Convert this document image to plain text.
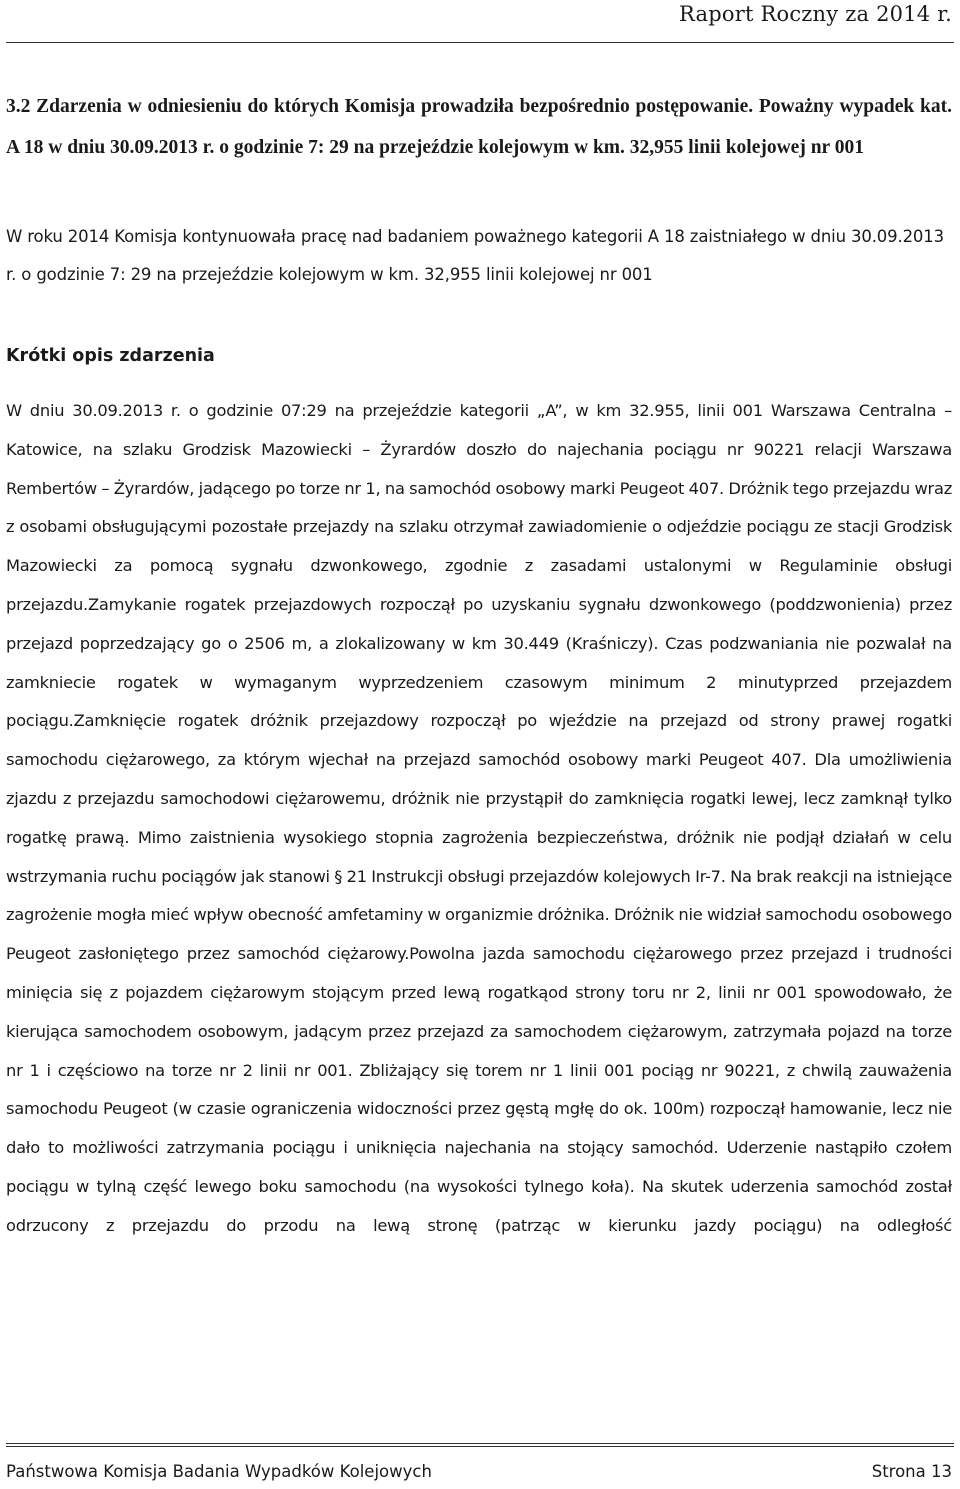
Raport Roczny za 2014 r.

3.2 Zdarzenia w odniesieniu do których Komisja prowadziła bezpośrednio postępowanie. Poważny wypadek kat. A 18 w dniu 30.09.2013 r. o godzinie 7: 29 na przejeździe kolejowym w km. 32,955 linii kolejowej nr 001

W roku 2014 Komisja kontynuowała pracę nad badaniem poważnego kategorii A 18 zaistniałego w dniu 30.09.2013 r. o godzinie 7: 29 na przejeździe kolejowym w km. 32,955 linii kolejowej nr 001

Krótki opis zdarzenia

W dniu 30.09.2013 r. o godzinie 07:29 na przejeździe kategorii „A”, w km 32.955, linii 001 Warszawa Centralna – Katowice, na szlaku Grodzisk Mazowiecki – Żyrardów doszło do najechania pociągu nr 90221 relacji Warszawa Rembertów – Żyrardów, jadącego po torze nr 1, na samochód osobowy marki Peugeot 407. Dróżnik tego przejazdu wraz z osobami obsługującymi pozostałe przejazdy na szlaku otrzymał zawiadomienie o odjeździe pociągu ze stacji Grodzisk Mazowiecki za pomocą sygnału dzwonkowego, zgodnie z zasadami ustalonymi w Regulaminie obsługi przejazdu.Zamykanie rogatek przejazdowych rozpoczął po uzyskaniu sygnału dzwonkowego (poddzwonienia) przez przejazd poprzedzający go o 2506 m, a zlokalizowany w km 30.449 (Kraśniczy). Czas podzwaniania nie pozwalał na zamkniecie rogatek w wymaganym wyprzedzeniem czasowym minimum 2 minutyprzed przejazdem pociągu.Zamknięcie rogatek dróżnik przejazdowy rozpoczął po wjeździe na przejazd od strony prawej rogatki samochodu ciężarowego, za którym wjechał na przejazd samochód osobowy marki Peugeot 407. Dla umożliwienia zjazdu z przejazdu samochodowi ciężarowemu, dróżnik nie przystąpił do zamknięcia rogatki lewej, lecz zamknął tylko rogatkę prawą. Mimo zaistnienia wysokiego stopnia zagrożenia bezpieczeństwa, dróżnik nie podjął działań w celu wstrzymania ruchu pociągów jak stanowi § 21 Instrukcji obsługi przejazdów kolejowych Ir-7. Na brak reakcji na istniejące zagrożenie mogła mieć wpływ obecność amfetaminy w organizmie dróżnika. Dróżnik nie widział samochodu osobowego Peugeot zasłoniętego przez samochód ciężarowy.Powolna jazda samochodu ciężarowego przez przejazd i trudności minięcia się z pojazdem ciężarowym stojącym przed lewą rogatkąod strony toru nr 2, linii nr 001 spowodowało, że kierująca samochodem osobowym, jadącym przez przejazd za samochodem ciężarowym, zatrzymała pojazd na torze nr 1 i częściowo na torze nr 2 linii nr 001. Zbliżający się torem nr 1 linii 001 pociąg nr 90221, z chwilą zauważenia samochodu Peugeot (w czasie ograniczenia widoczności przez gęstą mgłę do ok. 100m) rozpoczął hamowanie, lecz nie dało to możliwości zatrzymania pociągu i uniknięcia najechania na stojący samochód. Uderzenie nastąpiło czołem pociągu w tylną część lewego boku samochodu (na wysokości tylnego koła). Na skutek uderzenia samochód został odrzucony z przejazdu do przodu na lewą stronę (patrząc w kierunku jazdy pociągu) na odległość

Państwowa Komisja Badania Wypadków Kolejowych	Strona 13
